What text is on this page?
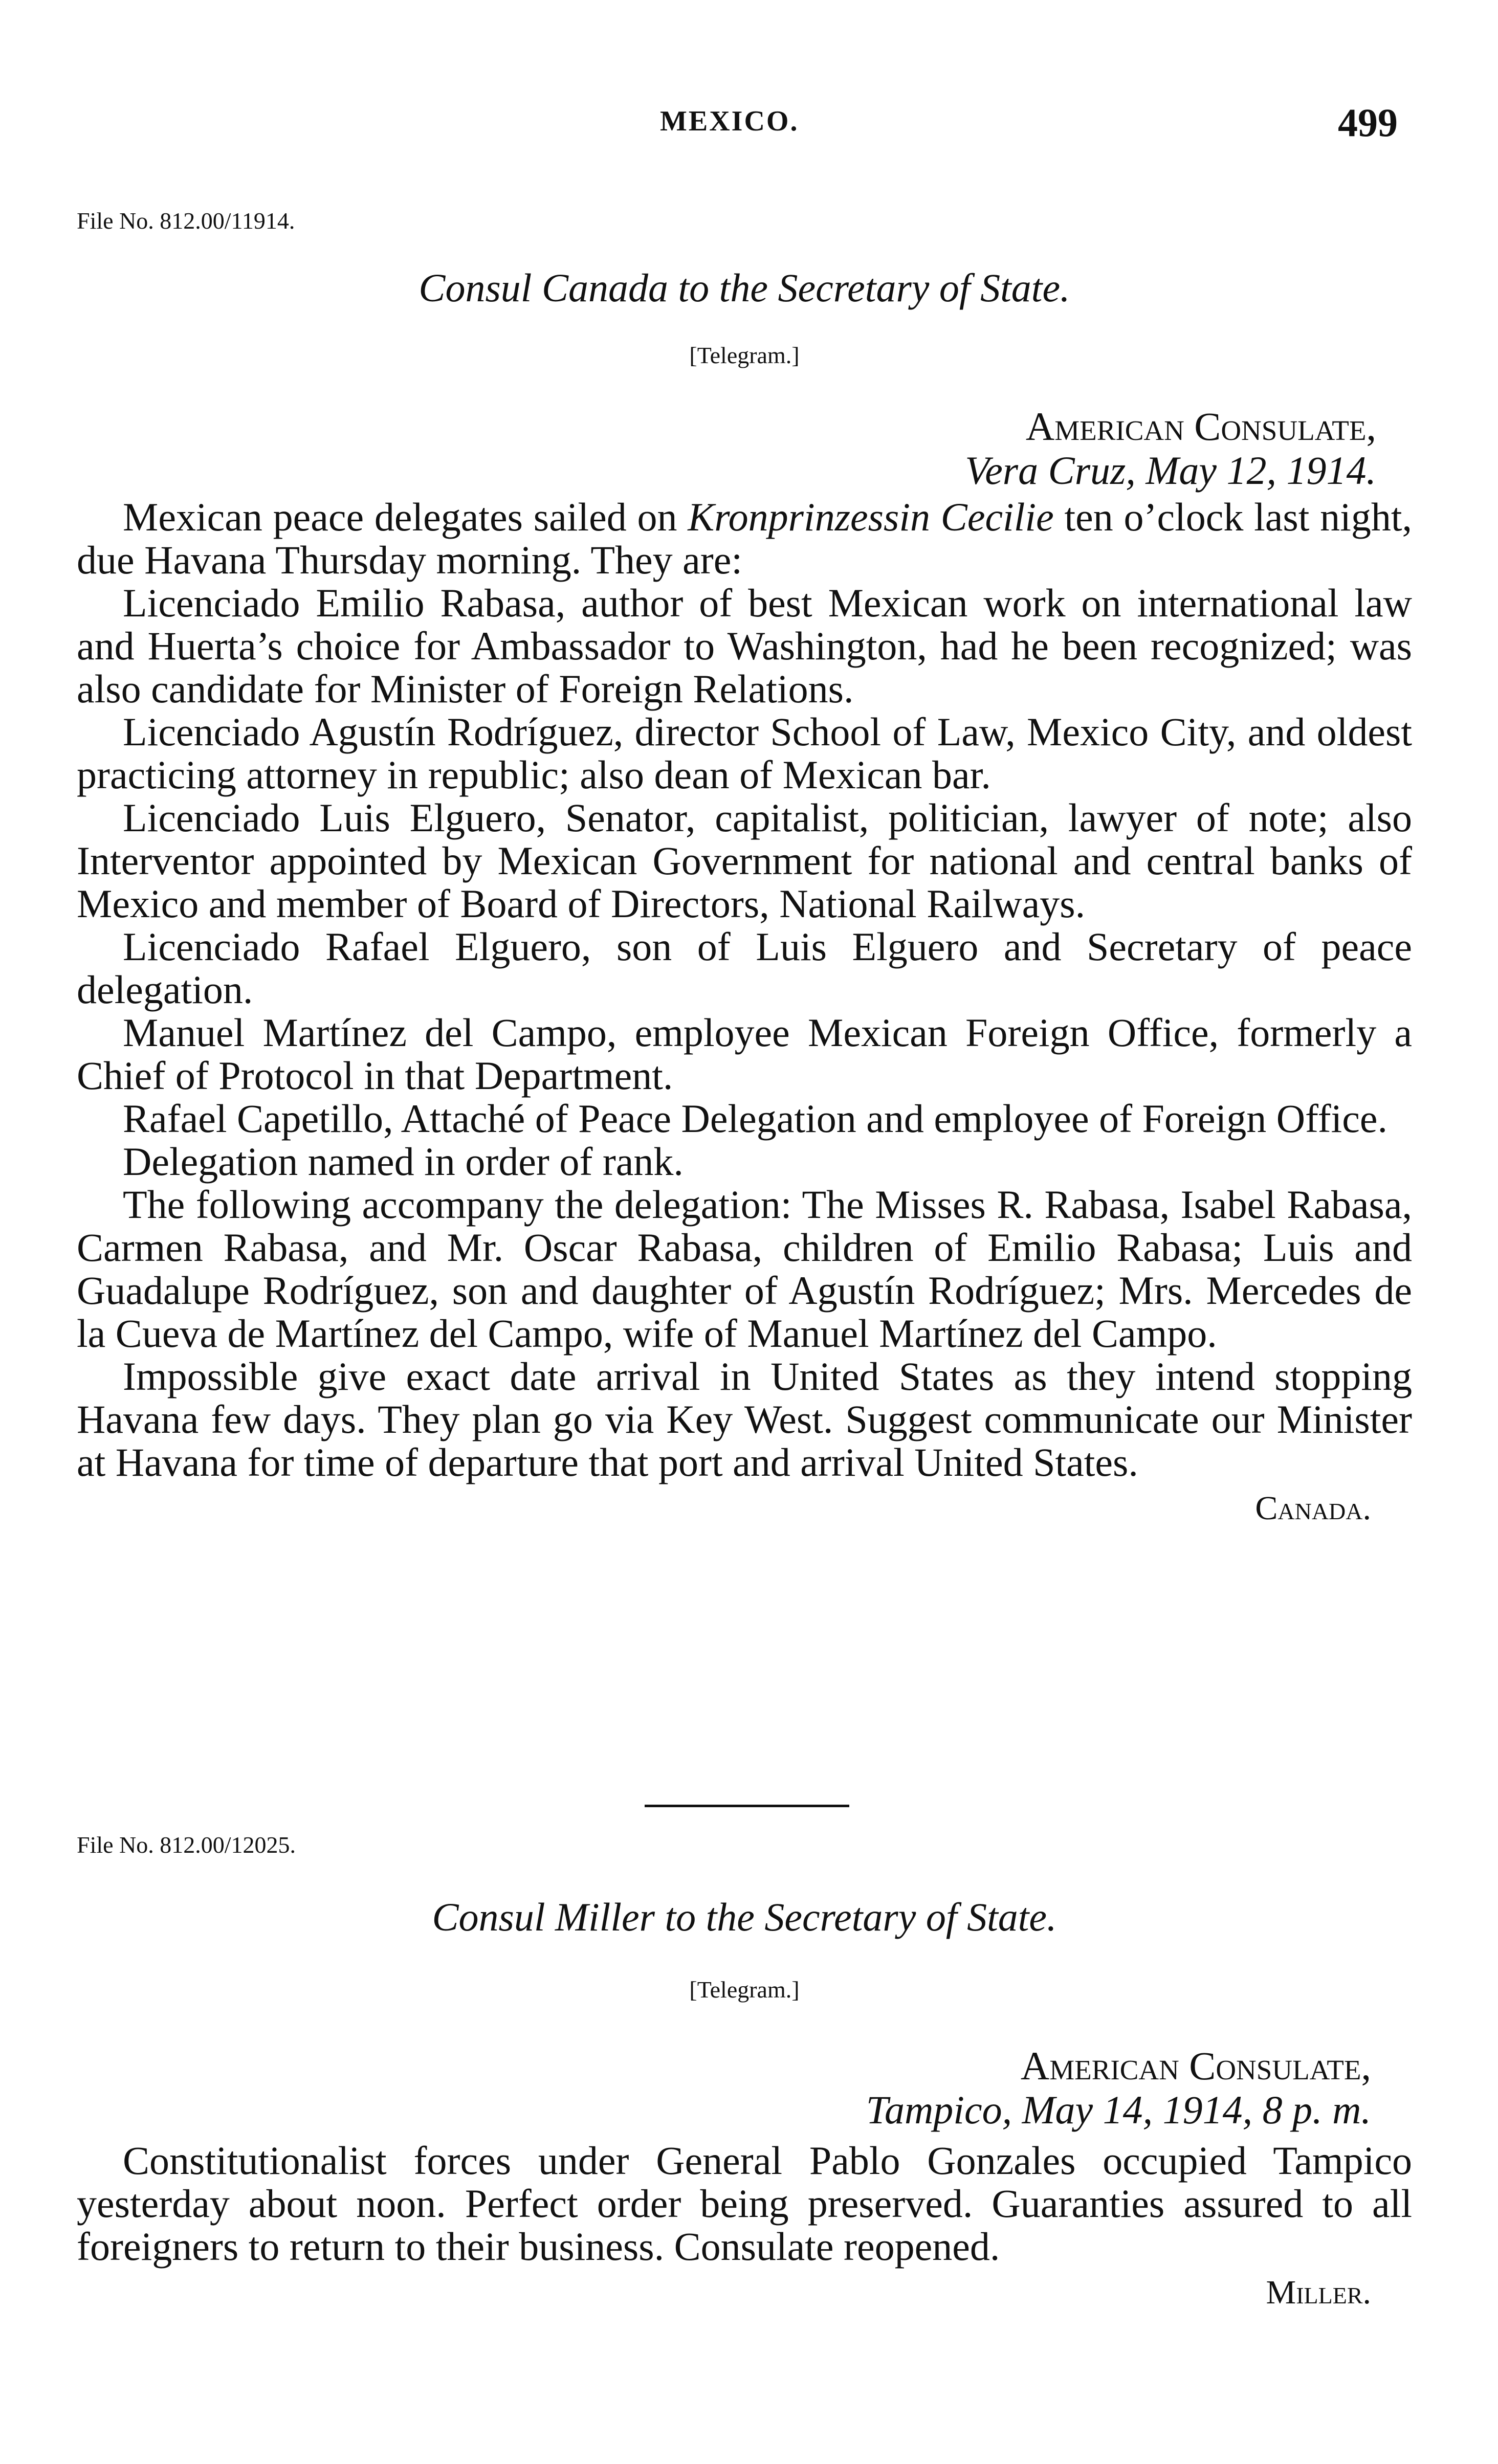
MEXICO.	499

File No. 812.00/11914.

Consul Canada to the Secretary of State.

[Telegram.]

American Consulate,

Vera Cruz, May 12, 1914.

Mexican peace delegates sailed on Kronprinzessin Cecilie ten o’clock last night, due Havana Thursday morning. They are:

Licenciado Emilio Rabasa, author of best Mexican work on international law and Huerta’s choice for Ambassador to Washington, had he been recognized; was also candidate for Minister of Foreign Relations.

Licenciado Agustín Rodríguez, director School of Law, Mexico City, and oldest practicing attorney in republic; also dean of Mexican bar.

Licenciado Luis Elguero, Senator, capitalist, politician, lawyer of note; also Interventor appointed by Mexican Government for national and central banks of Mexico and member of Board of Directors, National Railways.

Licenciado Rafael Elguero, son of Luis Elguero and Secretary of peace delegation.

Manuel Martínez del Campo, employee Mexican Foreign Office, formerly a Chief of Protocol in that Department.

Rafael Capetillo, Attaché of Peace Delegation and employee of Foreign Office.

Delegation named in order of rank.

The following accompany the delegation: The Misses R. Rabasa, Isabel Rabasa, Carmen Rabasa, and Mr. Oscar Rabasa, children of Emilio Rabasa; Luis and Guadalupe Rodríguez, son and daughter of Agustín Rodríguez; Mrs. Mercedes de la Cueva de Martínez del Campo, wife of Manuel Martínez del Campo.

Impossible give exact date arrival in United States as they intend stopping Havana few days. They plan go via Key West. Suggest communicate our Minister at Havana for time of departure that port and arrival United States.

Canada.

File No. 812.00/12025.

Consul Miller to the Secretary of State.

[Telegram.]

American Consulate,

Tampico, May 14, 1914, 8 p. m.

Constitutionalist forces under General Pablo Gonzales occupied Tampico yesterday about noon. Perfect order being preserved. Guaranties assured to all foreigners to return to their business. Consulate reopened.

Miller.
